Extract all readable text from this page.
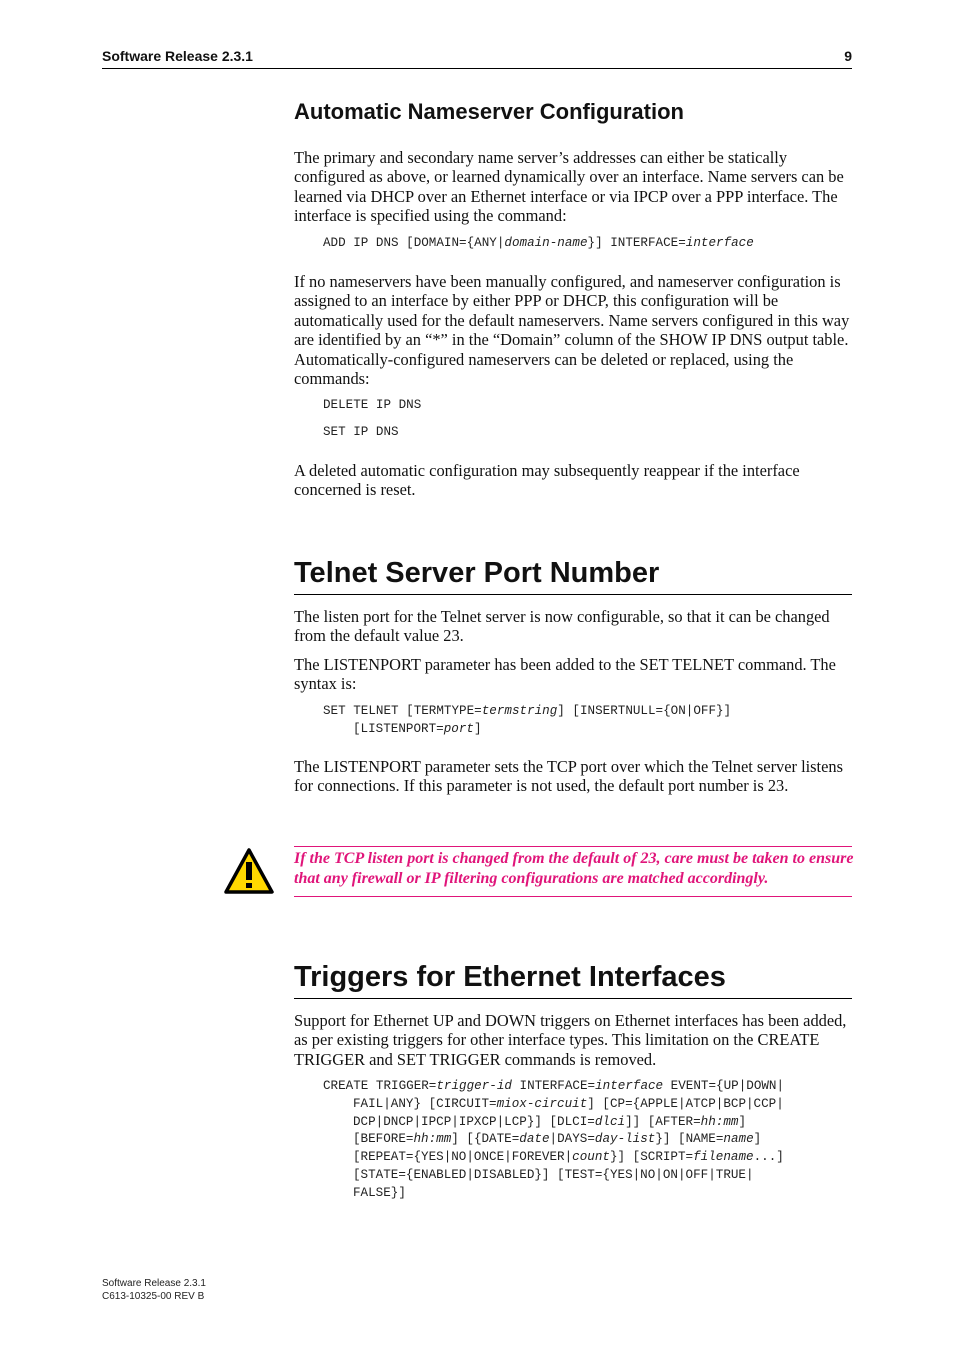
Software Release 2.3.1	9
Automatic Nameserver Configuration
The primary and secondary name server’s addresses can either be statically configured as above, or learned dynamically over an interface. Name servers can be learned via DHCP over an Ethernet interface or via IPCP over a PPP interface. The interface is specified using the command:
ADD IP DNS [DOMAIN={ANY|domain-name}] INTERFACE=interface
If no nameservers have been manually configured, and nameserver configuration is assigned to an interface by either PPP or DHCP, this configuration will be automatically used for the default nameservers. Name servers configured in this way are identified by an “*” in the “Domain” column of the SHOW IP DNS output table. Automatically-configured nameservers can be deleted or replaced, using the commands:
DELETE IP DNS
SET IP DNS
A deleted automatic configuration may subsequently reappear if the interface concerned is reset.
Telnet Server Port Number
The listen port for the Telnet server is now configurable, so that it can be changed from the default value 23.
The LISTENPORT parameter has been added to the SET TELNET command. The syntax is:
SET TELNET [TERMTYPE=termstring] [INSERTNULL={ON|OFF}]
[LISTENPORT=port]
The LISTENPORT parameter sets the TCP port over which the Telnet server listens for connections. If this parameter is not used, the default port number is 23.
If the TCP listen port is changed from the default of 23, care must be taken to ensure that any firewall or IP filtering configurations are matched accordingly.
Triggers for Ethernet Interfaces
Support for Ethernet UP and DOWN triggers on Ethernet interfaces has been added, as per existing triggers for other interface types. This limitation on the CREATE TRIGGER and SET TRIGGER commands is removed.
CREATE TRIGGER=trigger-id INTERFACE=interface EVENT={UP|DOWN|
FAIL|ANY} [CIRCUIT=miox-circuit] [CP={APPLE|ATCP|BCP|CCP|
DCP|DNCP|IPCP|IPXCP|LCP}] [DLCI=dlci]] [AFTER=hh:mm]
[BEFORE=hh:mm] [{DATE=date|DAYS=day-list}] [NAME=name]
[REPEAT={YES|NO|ONCE|FOREVER|count}] [SCRIPT=filename...]
[STATE={ENABLED|DISABLED}] [TEST={YES|NO|ON|OFF|TRUE|
FALSE}]
Software Release 2.3.1
C613-10325-00 REV B
